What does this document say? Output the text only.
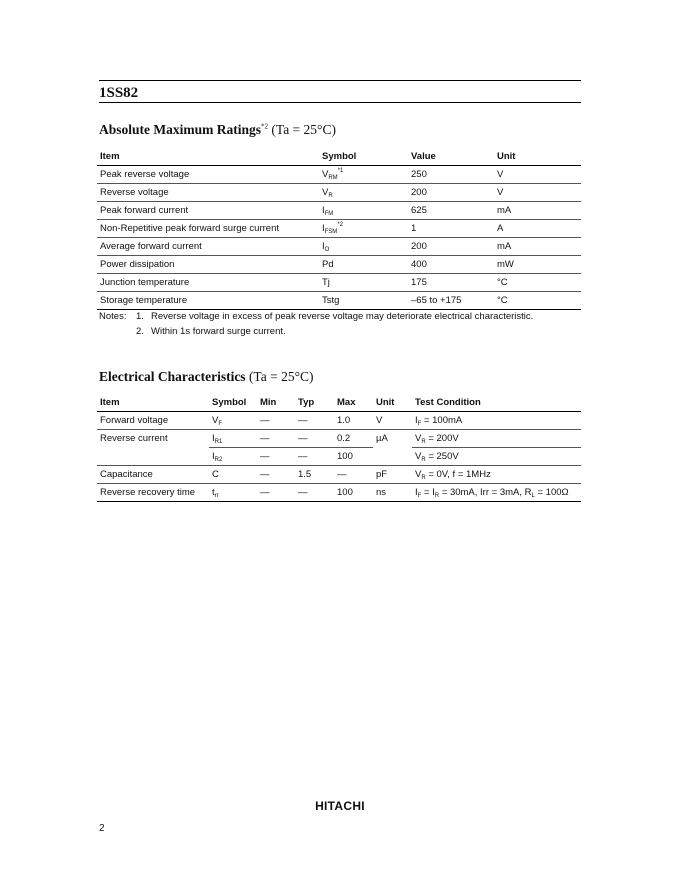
1SS82
Absolute Maximum Ratings$^{*2}$ (Ta = 25°C)
Item	Symbol	Value	Unit
Peak reverse voltage	$V_{RM}^{*1}$	250	V
Reverse voltage	$V_R$	200	V
Peak forward current	$I_{FM}$	625	mA
Non-Repetitive peak forward surge current	$I_{FSM}^{*2}$	1	A
Average forward current	$I_O$	200	mA
Power dissipation	Pd	400	mW
Junction temperature	Tj	175	°C
Storage temperature	Tstg	–65 to +175	°C
Notes:	1. Reverse voltage in excess of peak reverse voltage may deteriorate electrical characteristic.
2. Within 1s forward surge current.
Electrical Characteristics (Ta = 25°C)
Item	Symbol	Min	Typ	Max	Unit	Test Condition
Forward voltage	$V_F$	—	—	1.0	V	$I_F = 100mA$
Reverse current	$I_{R1}$	—	—	0.2	µA	$V_R = 200V$
	$I_{R2}$	—	—	100		$V_R = 250V$
Capacitance	C	—	1.5	—	pF	$V_R = 0V$, f = 1MHz
Reverse recovery time	$t_{rr}$	—	—	100	ns	$I_F = I_R = 30mA$, Irr = 3mA, $R_L = 100\Omega$
HITACHI
2
